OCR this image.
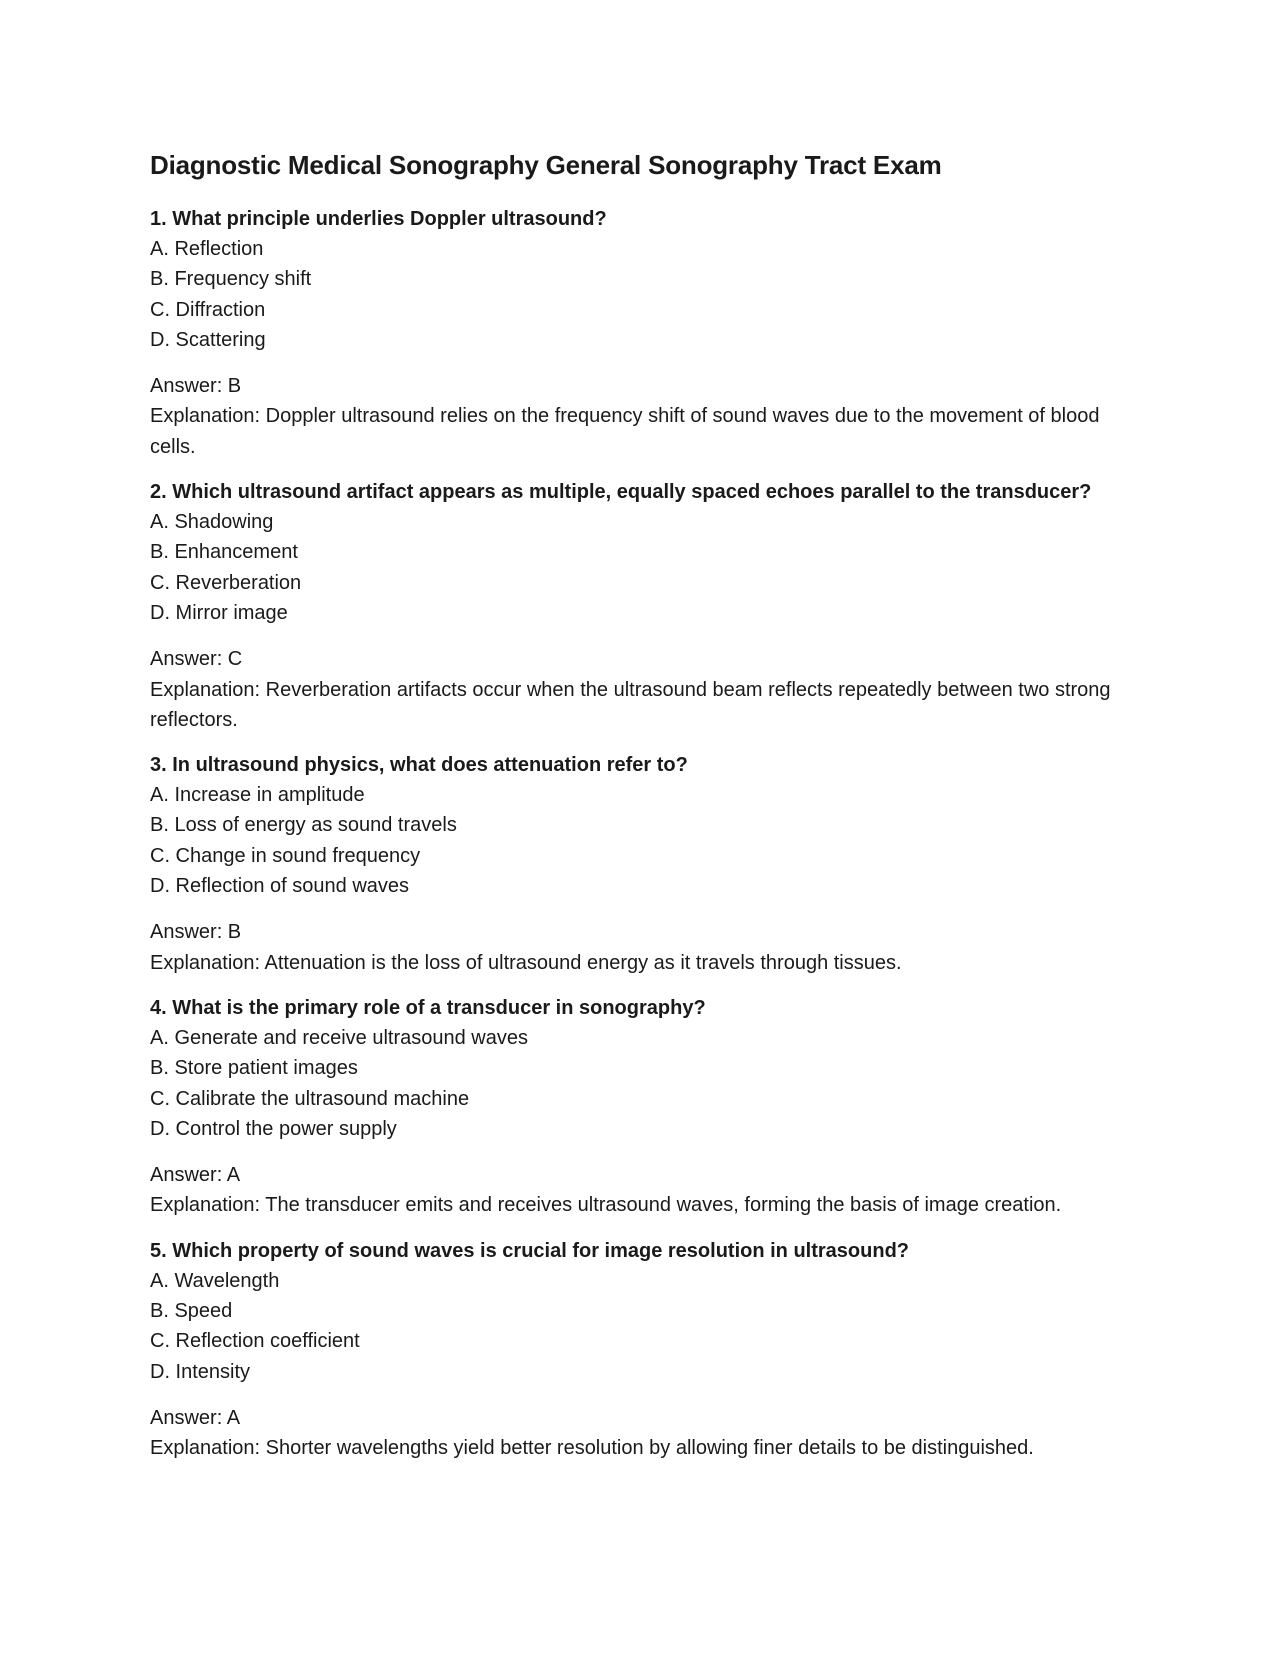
Diagnostic Medical Sonography General Sonography Tract Exam

1. What principle underlies Doppler ultrasound?

A. Reflection

B. Frequency shift

C. Diffraction

D. Scattering

Answer: B

Explanation: Doppler ultrasound relies on the frequency shift of sound waves due to the movement of blood cells.

2. Which ultrasound artifact appears as multiple, equally spaced echoes parallel to the transducer?

A. Shadowing

B. Enhancement

C. Reverberation

D. Mirror image

Answer: C

Explanation: Reverberation artifacts occur when the ultrasound beam reflects repeatedly between two strong reflectors.

3. In ultrasound physics, what does attenuation refer to?

A. Increase in amplitude

B. Loss of energy as sound travels

C. Change in sound frequency

D. Reflection of sound waves

Answer: B

Explanation: Attenuation is the loss of ultrasound energy as it travels through tissues.

4. What is the primary role of a transducer in sonography?

A. Generate and receive ultrasound waves

B. Store patient images

C. Calibrate the ultrasound machine

D. Control the power supply

Answer: A

Explanation: The transducer emits and receives ultrasound waves, forming the basis of image creation.

5. Which property of sound waves is crucial for image resolution in ultrasound?

A. Wavelength

B. Speed

C. Reflection coefficient

D. Intensity

Answer: A

Explanation: Shorter wavelengths yield better resolution by allowing finer details to be distinguished.
